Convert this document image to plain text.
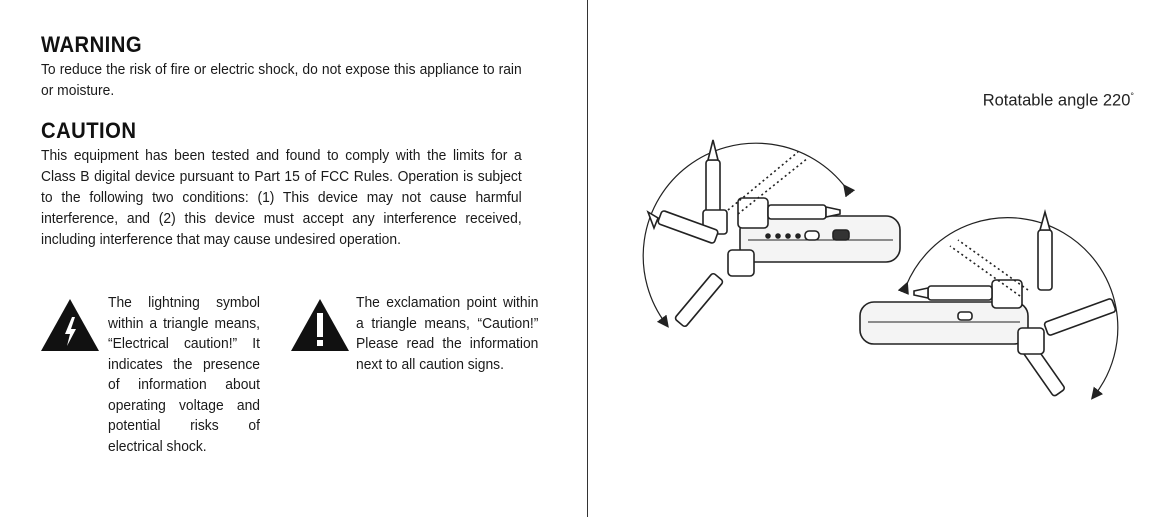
WARNING
To reduce the risk of fire or electric shock, do not expose this appliance to rain or moisture.
CAUTION
This equipment has been tested and found to comply with the limits for a Class B digital device pursuant to Part 15 of FCC Rules. Operation is subject to the following two conditions: (1) This device may not cause harmful interference, and (2) this device must accept any interference received, including interference that may cause undesired operation.
The lightning symbol within a triangle means, “Electrical caution!” It indicates the presence of information about operating voltage and potential risks of electrical shock.
The exclamation point within a triangle means, “Caution!” Please read the information next to all caution signs.
Rotatable angle 220°
